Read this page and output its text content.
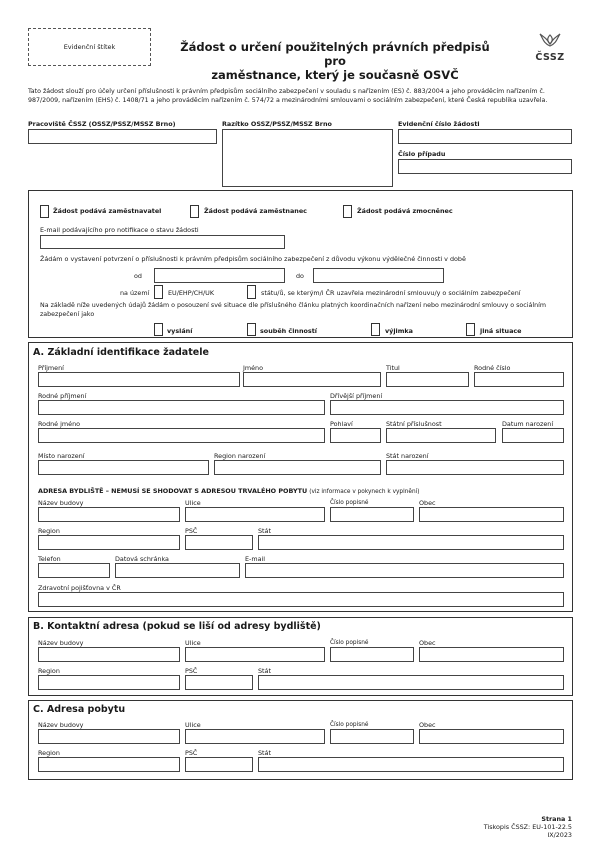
Evidenční štítek	Žádost o určení použitelných právních předpisů pro
zaměstnance, který je současně OSVČ
ČSSZ
Tato žádost slouží pro účely určení příslušnosti k právním předpisům sociálního zabezpečení v souladu s nařízením (ES) č. 883/2004 a jeho prováděcím nařízením č. 987/2009, nařízením (EHS) č. 1408/71 a jeho prováděcím nařízením č. 574/72 a mezinárodními smlouvami o sociálním zabezpečení, které Česká republika uzavřela.
Pracoviště ČSSZ (OSSZ/PSSZ/MSSZ Brno)	Razítko OSSZ/PSSZ/MSSZ Brno	Evidenční číslo žádosti
Číslo případu
Žádost podává zaměstnavatel	Žádost podává zaměstnanec	Žádost podává zmocněnec
E-mail podávajícího pro notifikace o stavu žádosti
Žádám o vystavení potvrzení o příslušnosti k právním předpisům sociálního zabezpečení z důvodu výkonu výdělečné činnosti v době
od	do
na území	EU/EHP/CH/UK	státu/ů, se kterým/i ČR uzavřela mezinárodní smlouvu/y o sociálním zabezpečení
Na základě níže uvedených údajů žádám o posouzení své situace dle příslušného článku platných koordinačních nařízení nebo mezinárodní smlouvy o sociálním zabezpečení jako
vyslání	souběh činností	výjimka	jiná situace
A. Základní identifikace žadatele
Příjmení	Jméno	Titul	Rodné číslo
Rodné příjmení	Dřívější příjmení
Rodné jméno	Pohlaví	Státní příslušnost	Datum narození
Místo narození	Region narození	Stát narození
ADRESA BYDLIŠTĚ – NEMUSÍ SE SHODOVAT S ADRESOU TRVALÉHO POBYTU (viz informace v pokynech k vyplnění)
Název budovy	Ulice	Číslo popisné	Obec
Region	PSČ	Stát
Telefon	Datová schránka	E-mail
Zdravotní pojišťovna v ČR
B. Kontaktní adresa (pokud se liší od adresy bydliště)
Název budovy	Ulice	Číslo popisné	Obec
Region	PSČ	Stát
C. Adresa pobytu
Název budovy	Ulice	Číslo popisné	Obec
Region	PSČ	Stát
Strana 1
Tiskopis ČSSZ: EU-101-22.5
IX/2023
